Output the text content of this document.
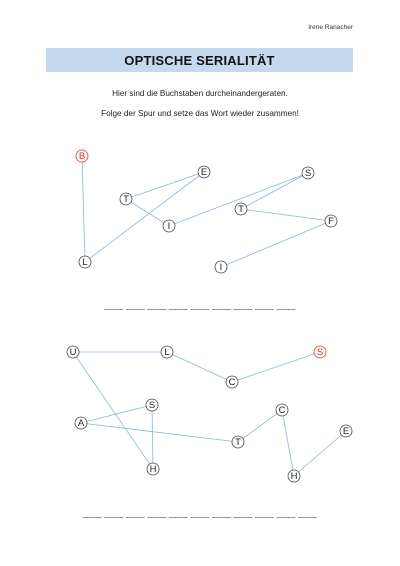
Irene Ranacher
OPTISCHE SERIALITÄT
Hier sind die Buchstaben durcheinandergeraten.
Folge der Spur und setze das Wort wieder zusammen!
B
L
E
T
I
S
T
F
I
S
C
L
U
H
S
A
T
C
H
E
____ ____ ____ ____ ____ ____ ____ ____ ____
____ ____ ____ ____ ____ ____ ____ ____ ____ ____ ____
